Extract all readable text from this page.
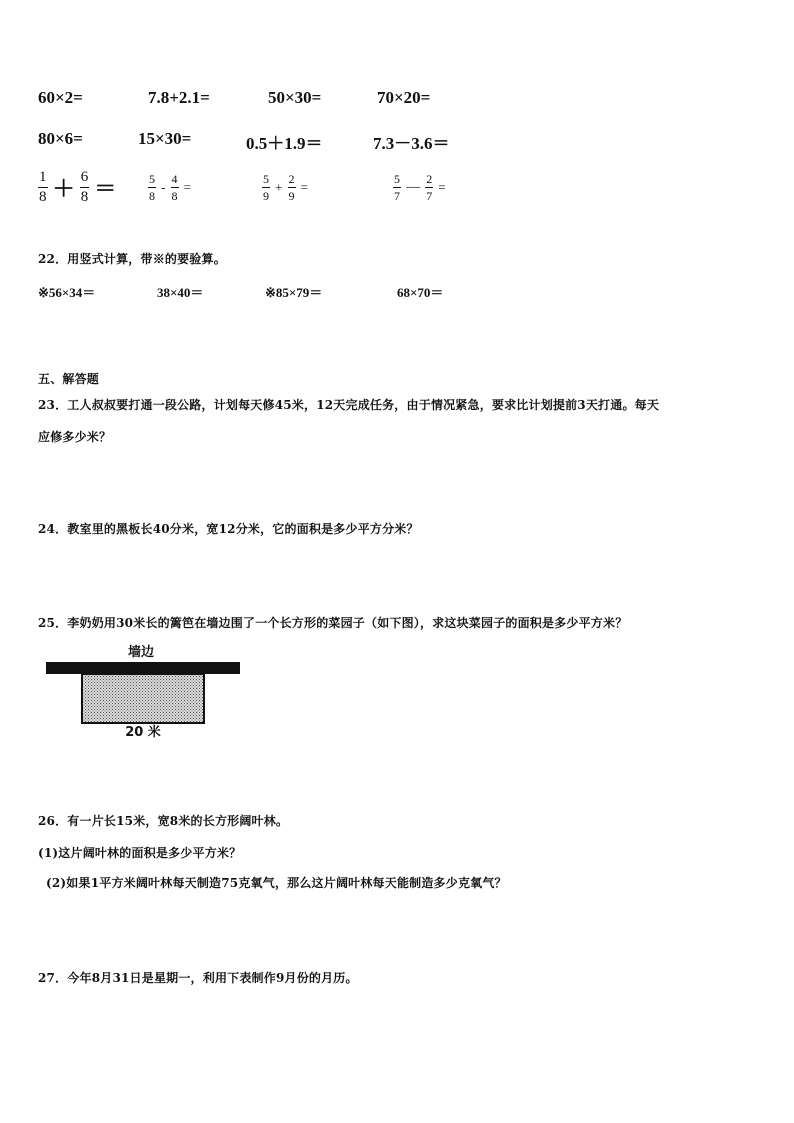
60×2=	7.8+2.1=	50×30=	70×20=
80×6=	15×30=	0.5＋1.9＝	7.3－3.6＝
$\frac{1}{8} + \frac{6}{8}$ ＝	$\frac{5}{8} - \frac{4}{8}$ =	$\frac{5}{9} + \frac{2}{9}$ =	$\frac{5}{7}$ — $\frac{2}{7}$ =
22．用竖式计算，带※的要验算。
※56×34＝	38×40＝	※85×79＝	68×70＝
五、解答题
23．工人叔叔要打通一段公路，计划每天修45米，12天完成任务，由于情况紧急，要求比计划提前3天打通。每天
应修多少米？
24．教室里的黑板长40分米，宽12分米，它的面积是多少平方分米？
25．李奶奶用30米长的篱笆在墙边围了一个长方形的菜园子（如下图），求这块菜园子的面积是多少平方米？
墙边
20 米
26．有一片长15米，宽8米的长方形阔叶林。
(1)这片阔叶林的面积是多少平方米？
(2)如果1平方米阔叶林每天制造75克氧气，那么这片阔叶林每天能制造多少克氧气？
27．今年8月31日是星期一，利用下表制作9月份的月历。
